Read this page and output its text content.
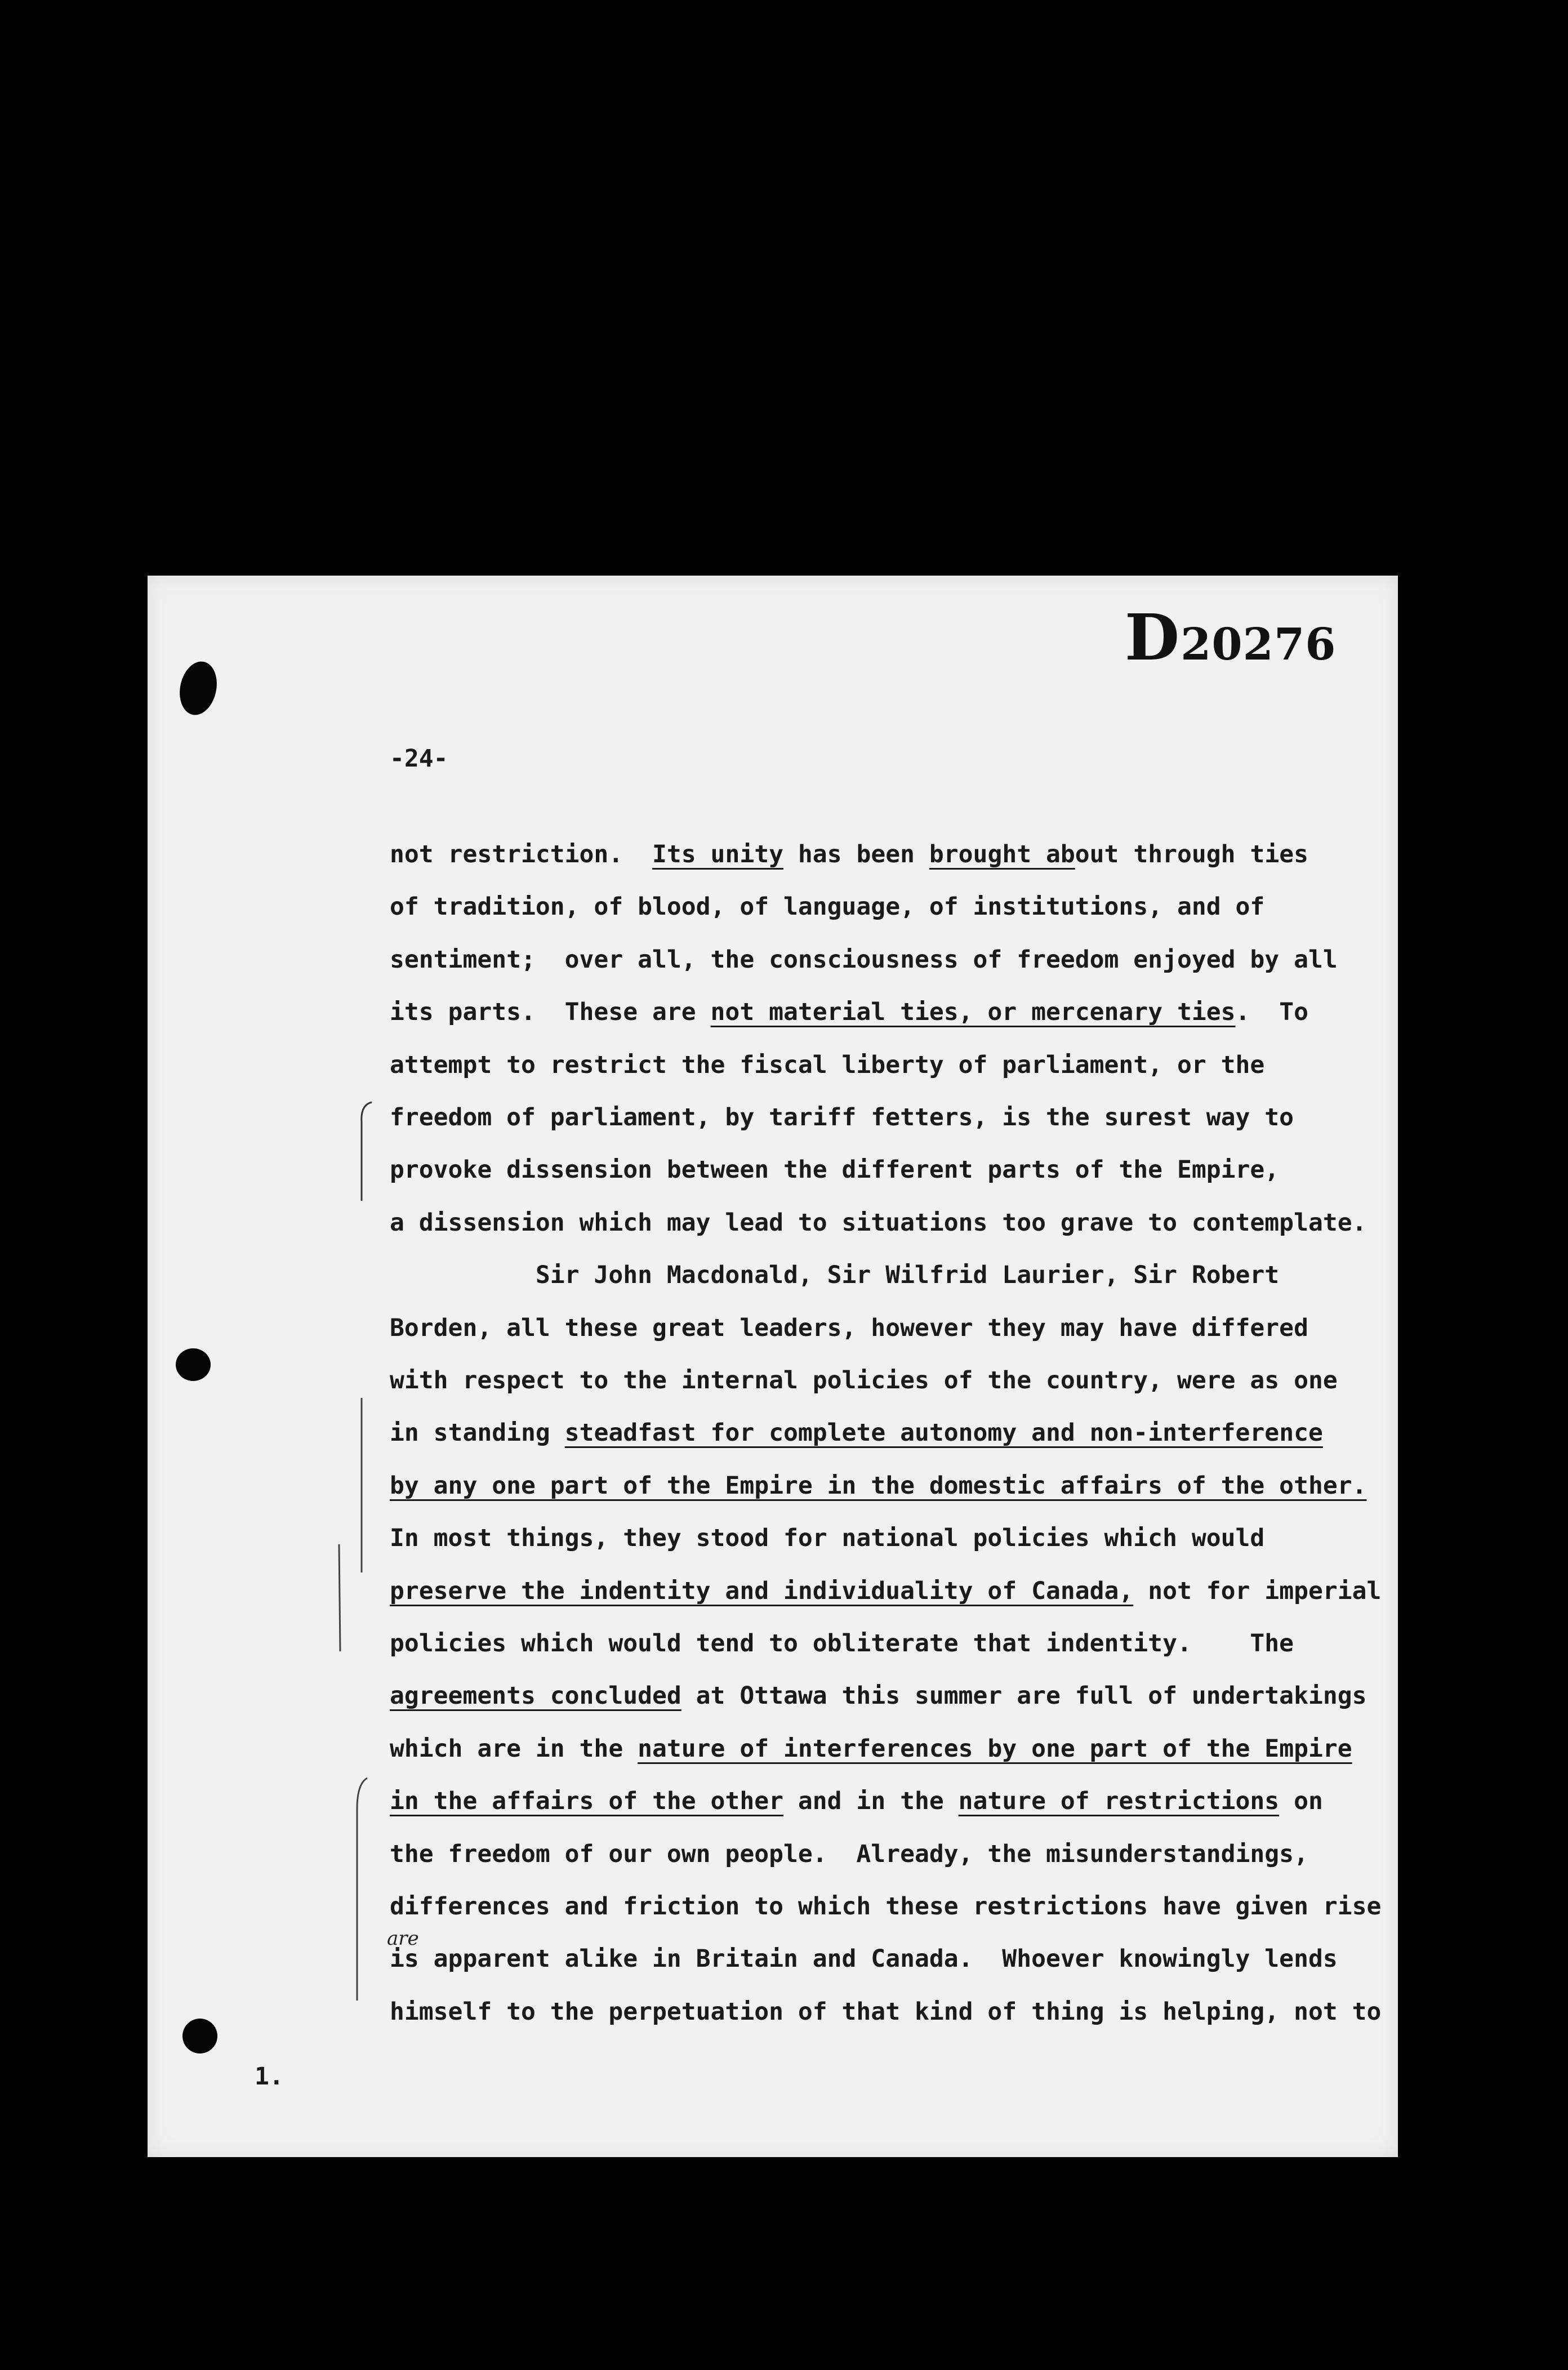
D20276
-24-
not restriction.  Its unity has been brought about through ties
of tradition, of blood, of language, of institutions, and of
sentiment;  over all, the consciousness of freedom enjoyed by all
its parts.  These are not material ties, or mercenary ties.  To
attempt to restrict the fiscal liberty of parliament, or the
freedom of parliament, by tariff fetters, is the surest way to
provoke dissension between the different parts of the Empire,
a dissension which may lead to situations too grave to contemplate.
Sir John Macdonald, Sir Wilfrid Laurier, Sir Robert
Borden, all these great leaders, however they may have differed
with respect to the internal policies of the country, were as one
in standing steadfast for complete autonomy and non-interference
by any one part of the Empire in the domestic affairs of the other.
In most things, they stood for national policies which would
preserve the indentity and individuality of Canada, not for imperial
policies which would tend to obliterate that indentity.    The
agreements concluded at Ottawa this summer are full of undertakings
which are in the nature of interferences by one part of the Empire
in the affairs of the other and in the nature of restrictions on
the freedom of our own people.  Already, the misunderstandings,
differences and friction to which these restrictions have given rise
is apparent alike in Britain and Canada.  Whoever knowingly lends
himself to the perpetuation of that kind of thing is helping, not to
are
1.
